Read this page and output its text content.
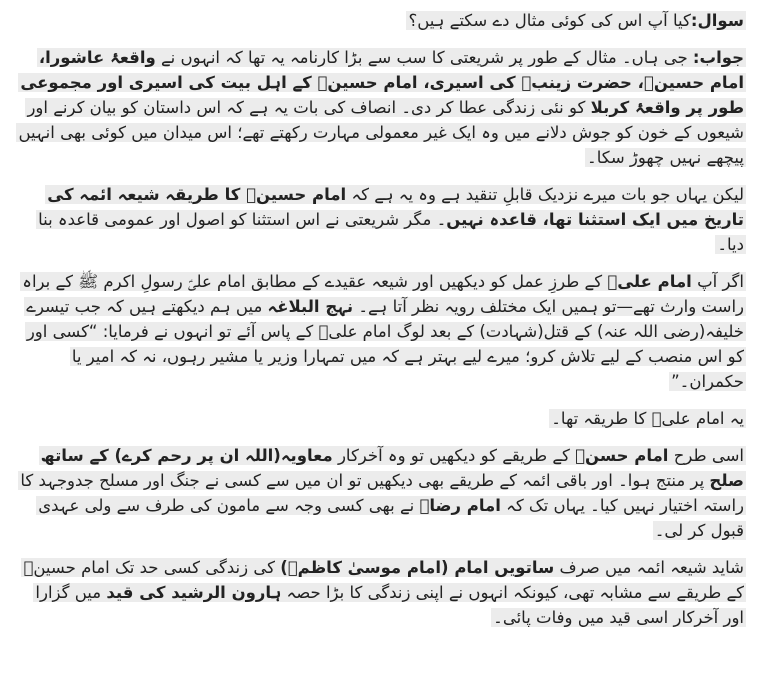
سوال:کیا آپ اس کی کوئی مثال دے سکتے ہیں؟

جواب: جی ہاں۔ مثال کے طور پر شریعتی کا سب سے بڑا کارنامہ یہ تھا کہ انہوں نے واقعۂ عاشورا، امام حسینؑ، حضرت زینبؑ کی اسیری، امام حسینؑ کے اہل بیت کی اسیری اور مجموعی طور پر واقعۂ کربلا کو نئی زندگی عطا کر دی۔ انصاف کی بات یہ ہے کہ اس داستان کو بیان کرنے اور شیعوں کے خون کو جوش دلانے میں وہ ایک غیر معمولی مہارت رکھتے تھے؛ اس میدان میں کوئی بھی انہیں پیچھے نہیں چھوڑ سکا۔

لیکن یہاں جو بات میرے نزدیک قابلِ تنقید ہے وہ یہ ہے کہ امام حسینؑ کا طریقہ شیعہ ائمہ کی تاریخ میں ایک استثنا تھا، قاعدہ نہیں۔ مگر شریعتی نے اس استثنا کو اصول اور عمومی قاعدہ بنا دیا۔

اگر آپ امام علیؑ کے طرزِ عمل کو دیکھیں اور شیعہ عقیدے کے مطابق امام علیؑ رسولِ اکرم ﷺ کے براہ راست وارث تھے—تو ہمیں ایک مختلف رویہ نظر آتا ہے۔ نہج البلاغہ میں ہم دیکھتے ہیں کہ جب تیسرے خلیفہ(رضی اللہ عنہ) کے قتل(شہادت) کے بعد لوگ امام علیؑ کے پاس آئے تو انہوں نے فرمایا: “کسی اور کو اس منصب کے لیے تلاش کرو؛ میرے لیے بہتر ہے کہ میں تمہارا وزیر یا مشیر رہوں، نہ کہ امیر یا حکمران۔”

یہ امام علیؑ کا طریقہ تھا۔

اسی طرح امام حسنؑ کے طریقے کو دیکھیں تو وہ آخرکار معاویہ(اللہ ان پر رحم کرے) کے ساتھ صلح پر منتج ہوا۔ اور باقی ائمہ کے طریقے بھی دیکھیں تو ان میں سے کسی نے جنگ اور مسلح جدوجہد کا راستہ اختیار نہیں کیا۔ یہاں تک کہ امام رضاؑ نے بھی کسی وجہ سے مامون کی طرف سے ولی عہدی قبول کر لی۔

شاید شیعہ ائمہ میں صرف ساتویں امام (امام موسیٰ کاظمؑ) کی زندگی کسی حد تک امام حسینؑ کے طریقے سے مشابہ تھی، کیونکہ انہوں نے اپنی زندگی کا بڑا حصہ ہارون الرشید کی قید میں گزارا اور آخرکار اسی قید میں وفات پائی۔
